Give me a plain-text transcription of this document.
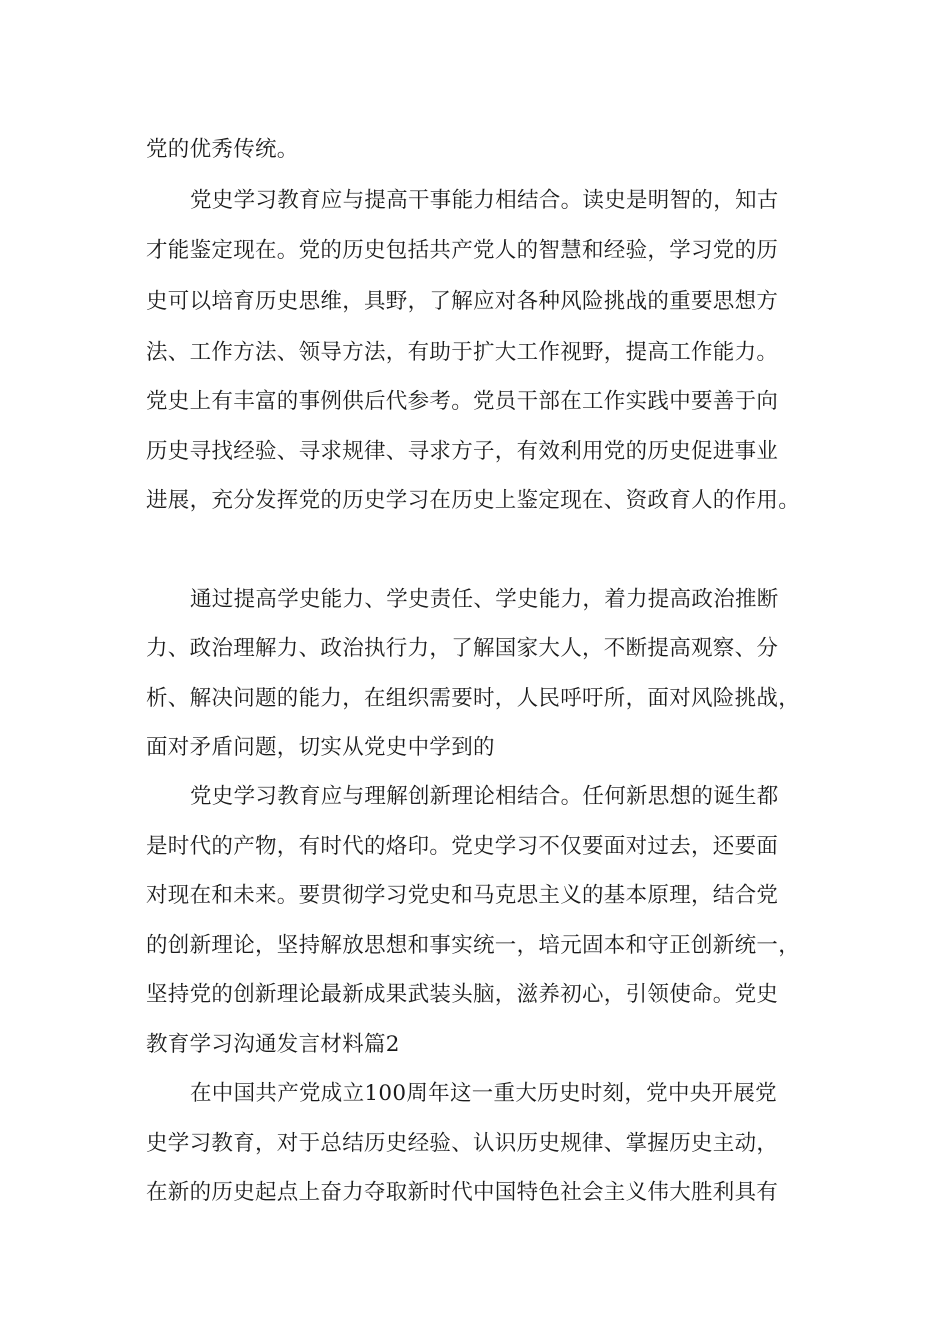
党的优秀传统。

党史学习教育应与提高干事能力相结合。读史是明智的，知古

才能鉴定现在。党的历史包括共产党人的智慧和经验，学习党的历

史可以培育历史思维，具野，了解应对各种风险挑战的重要思想方

法、工作方法、领导方法，有助于扩大工作视野，提高工作能力。

党史上有丰富的事例供后代参考。党员干部在工作实践中要善于向

历史寻找经验、寻求规律、寻求方子，有效利用党的历史促进事业

进展，充分发挥党的历史学习在历史上鉴定现在、资政育人的作用。

通过提高学史能力、学史责任、学史能力，着力提高政治推断

力、政治理解力、政治执行力，了解国家大人，不断提高观察、分

析、解决问题的能力，在组织需要时，人民呼吁所，面对风险挑战，

面对矛盾问题，切实从党史中学到的

党史学习教育应与理解创新理论相结合。任何新思想的诞生都

是时代的产物，有时代的烙印。党史学习不仅要面对过去，还要面

对现在和未来。要贯彻学习党史和马克思主义的基本原理，结合党

的创新理论，坚持解放思想和事实统一，培元固本和守正创新统一，

坚持党的创新理论最新成果武装头脑，滋养初心，引领使命。党史

教育学习沟通发言材料篇2

在中国共产党成立100周年这一重大历史时刻，党中央开展党

史学习教育，对于总结历史经验、认识历史规律、掌握历史主动，

在新的历史起点上奋力夺取新时代中国特色社会主义伟大胜利具有
